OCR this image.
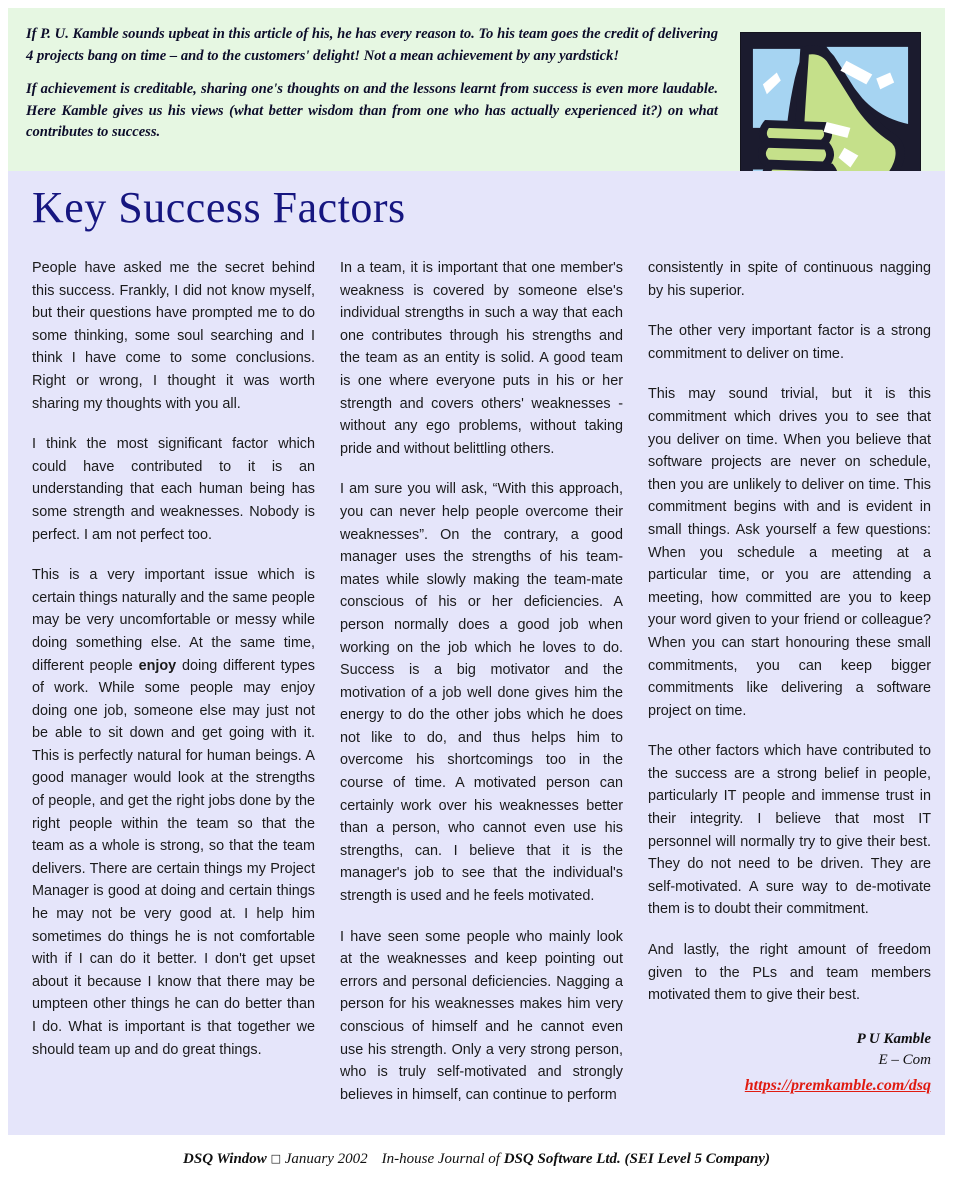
If P. U. Kamble sounds upbeat in this article of his, he has every reason to. To his team goes the credit of delivering 4 projects bang on time – and to the customers' delight! Not a mean achievement by any yardstick!

If achievement is creditable, sharing one's thoughts on and the lessons learnt from success is even more laudable. Here Kamble gives us his views (what better wisdom than from one who has actually experienced it?) on what contributes to success.

Key Success Factors

People have asked me the secret behind this success. Frankly, I did not know myself, but their questions have prompted me to do some thinking, some soul searching and I think I have come to some conclusions. Right or wrong, I thought it was worth sharing my thoughts with you all.

I think the most significant factor which could have contributed to it is an understanding that each human being has some strength and weaknesses. Nobody is perfect. I am not perfect too.

This is a very important issue which is certain things naturally and the same people may be very uncomfortable or messy while doing something else. At the same time, different people enjoy doing different types of work. While some people may enjoy doing one job, someone else may just not be able to sit down and get going with it. This is perfectly natural for human beings. A good manager would look at the strengths of people, and get the right jobs done by the right people within the team so that the team as a whole is strong, so that the team delivers. There are certain things my Project Manager is good at doing and certain things he may not be very good at. I help him sometimes do things he is not comfortable with if I can do it better. I don't get upset about it because I know that there may be umpteen other things he can do better than I do. What is important is that together we should team up and do great things.

In a team, it is important that one member's weakness is covered by someone else's individual strengths in such a way that each one contributes through his strengths and the team as an entity is solid. A good team is one where everyone puts in his or her strength and covers others' weaknesses - without any ego problems, without taking pride and without belittling others.

I am sure you will ask, “With this approach, you can never help people overcome their weaknesses”. On the contrary, a good manager uses the strengths of his team-mates while slowly making the team-mate conscious of his or her deficiencies. A person normally does a good job when working on the job which he loves to do. Success is a big motivator and the motivation of a job well done gives him the energy to do the other jobs which he does not like to do, and thus helps him to overcome his shortcomings too in the course of time. A motivated person can certainly work over his weaknesses better than a person, who cannot even use his strengths, can. I believe that it is the manager's job to see that the individual's strength is used and he feels motivated.

I have seen some people who mainly look at the weaknesses and keep pointing out errors and personal deficiencies. Nagging a person for his weaknesses makes him very conscious of himself and he cannot even use his strength. Only a very strong person, who is truly self-motivated and strongly believes in himself, can continue to perform

consistently in spite of continuous nagging by his superior.

The other very important factor is a strong commitment to deliver on time.

This may sound trivial, but it is this commitment which drives you to see that you deliver on time. When you believe that software projects are never on schedule, then you are unlikely to deliver on time. This commitment begins with and is evident in small things. Ask yourself a few questions: When you schedule a meeting at a particular time, or you are attending a meeting, how committed are you to keep your word given to your friend or colleague? When you can start honouring these small commitments, you can keep bigger commitments like delivering a software project on time.

The other factors which have contributed to the success are a strong belief in people, particularly IT people and immense trust in their integrity. I believe that most IT personnel will normally try to give their best. They do not need to be driven. They are self-motivated. A sure way to de-motivate them is to doubt their commitment.

And lastly, the right amount of freedom given to the PLs and team members motivated them to give their best.

P U Kamble
E – Com
https://premkamble.com/dsq
DSQ Window □ January 2002 In-house Journal of DSQ Software Ltd. (SEI Level 5 Company)
